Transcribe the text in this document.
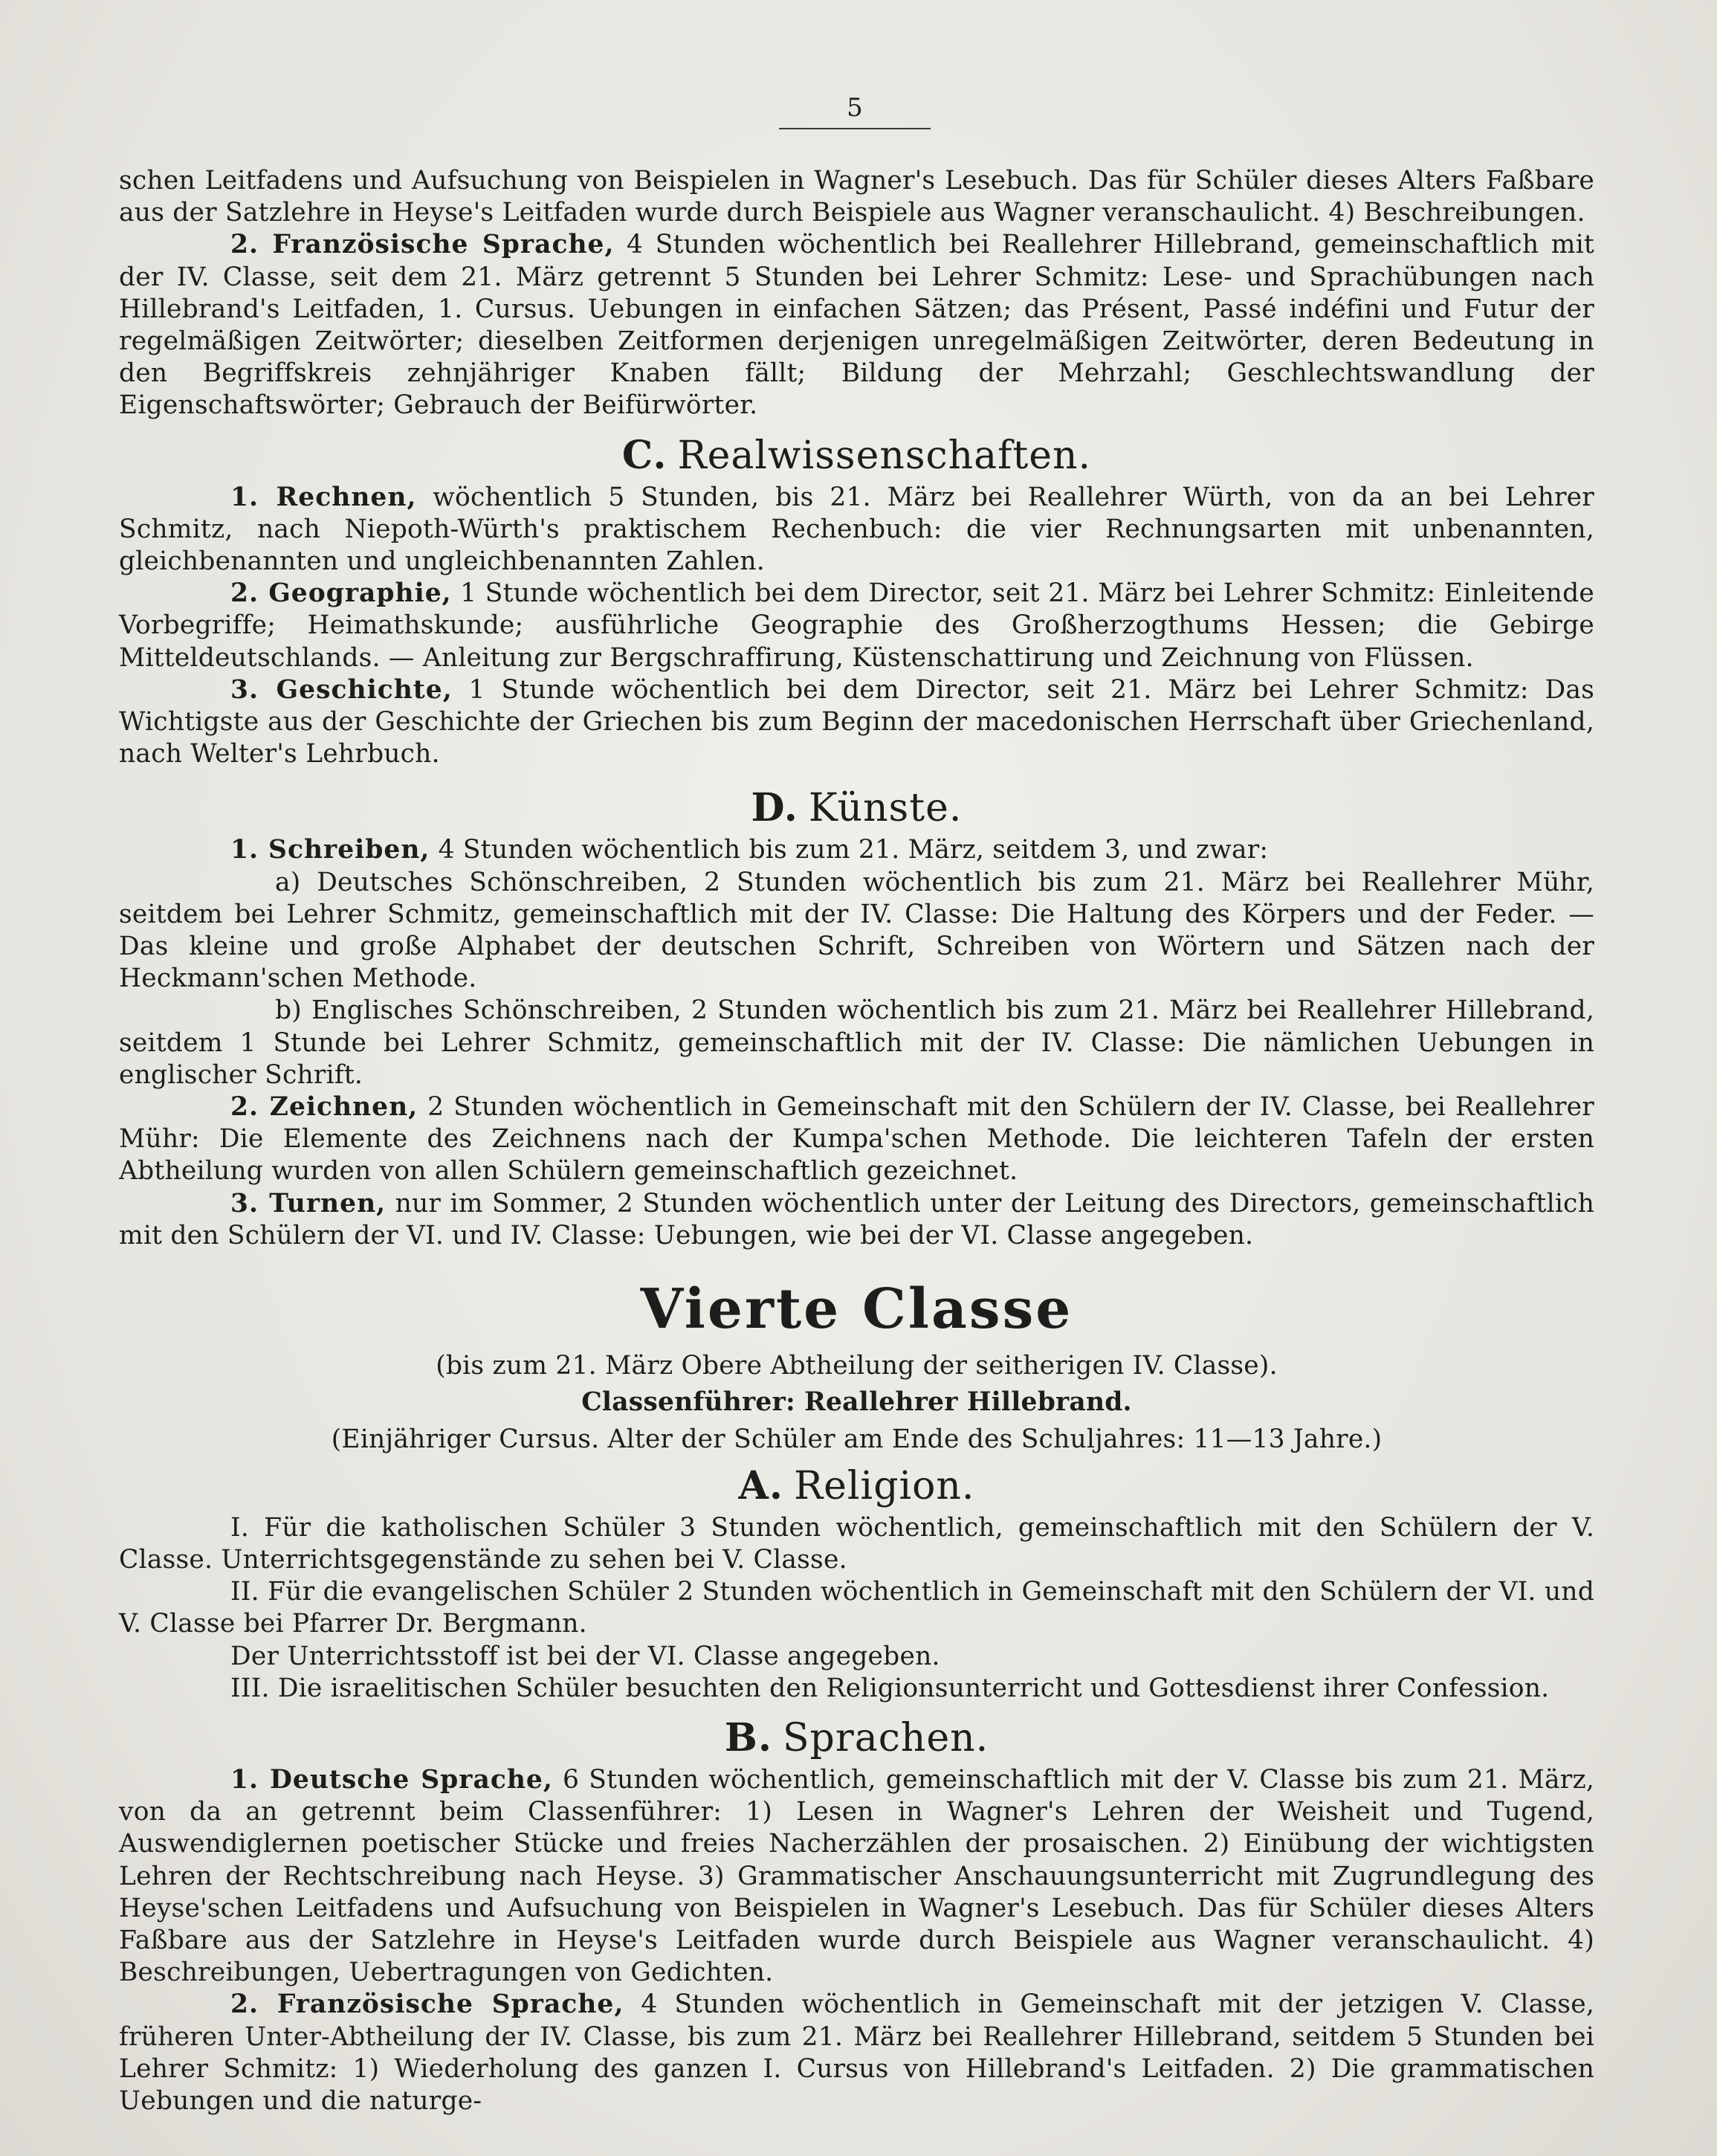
5

schen Leitfadens und Aufsuchung von Beispielen in Wagner's Lesebuch. Das für Schüler dieses Alters Faßbare aus der Satzlehre in Heyse's Leitfaden wurde durch Beispiele aus Wagner veranschaulicht. 4) Beschreibungen.

2. Französische Sprache, 4 Stunden wöchentlich bei Reallehrer Hillebrand, gemeinschaftlich mit der IV. Classe, seit dem 21. März getrennt 5 Stunden bei Lehrer Schmitz: Lese- und Sprachübungen nach Hillebrand's Leitfaden, 1. Cursus. Uebungen in einfachen Sätzen; das Présent, Passé indéfini und Futur der regelmäßigen Zeitwörter; dieselben Zeitformen derjenigen unregelmäßigen Zeitwörter, deren Bedeutung in den Begriffskreis zehnjähriger Knaben fällt; Bildung der Mehrzahl; Geschlechtswandlung der Eigenschaftswörter; Gebrauch der Beifürwörter.

C. Realwissenschaften.

1. Rechnen, wöchentlich 5 Stunden, bis 21. März bei Reallehrer Würth, von da an bei Lehrer Schmitz, nach Niepoth-Würth's praktischem Rechenbuch: die vier Rechnungsarten mit unbenannten, gleichbenannten und ungleichbenannten Zahlen.

2. Geographie, 1 Stunde wöchentlich bei dem Director, seit 21. März bei Lehrer Schmitz: Einleitende Vorbegriffe; Heimathskunde; ausführliche Geographie des Großherzogthums Hessen; die Gebirge Mitteldeutschlands. — Anleitung zur Bergschraffirung, Küstenschattirung und Zeichnung von Flüssen.

3. Geschichte, 1 Stunde wöchentlich bei dem Director, seit 21. März bei Lehrer Schmitz: Das Wichtigste aus der Geschichte der Griechen bis zum Beginn der macedonischen Herrschaft über Griechenland, nach Welter's Lehrbuch.

D. Künste.

1. Schreiben, 4 Stunden wöchentlich bis zum 21. März, seitdem 3, und zwar:

a) Deutsches Schönschreiben, 2 Stunden wöchentlich bis zum 21. März bei Reallehrer Mühr, seitdem bei Lehrer Schmitz, gemeinschaftlich mit der IV. Classe: Die Haltung des Körpers und der Feder. — Das kleine und große Alphabet der deutschen Schrift, Schreiben von Wörtern und Sätzen nach der Heckmann'schen Methode.

b) Englisches Schönschreiben, 2 Stunden wöchentlich bis zum 21. März bei Reallehrer Hillebrand, seitdem 1 Stunde bei Lehrer Schmitz, gemeinschaftlich mit der IV. Classe: Die nämlichen Uebungen in englischer Schrift.

2. Zeichnen, 2 Stunden wöchentlich in Gemeinschaft mit den Schülern der IV. Classe, bei Reallehrer Mühr: Die Elemente des Zeichnens nach der Kumpa'schen Methode. Die leichteren Tafeln der ersten Abtheilung wurden von allen Schülern gemeinschaftlich gezeichnet.

3. Turnen, nur im Sommer, 2 Stunden wöchentlich unter der Leitung des Directors, gemeinschaftlich mit den Schülern der VI. und IV. Classe: Uebungen, wie bei der VI. Classe angegeben.

Vierte Classe

(bis zum 21. März Obere Abtheilung der seitherigen IV. Classe).

Classenführer: Reallehrer Hillebrand.

(Einjähriger Cursus. Alter der Schüler am Ende des Schuljahres: 11—13 Jahre.)

A. Religion.

I. Für die katholischen Schüler 3 Stunden wöchentlich, gemeinschaftlich mit den Schülern der V. Classe. Unterrichtsgegenstände zu sehen bei V. Classe.

II. Für die evangelischen Schüler 2 Stunden wöchentlich in Gemeinschaft mit den Schülern der VI. und V. Classe bei Pfarrer Dr. Bergmann.

Der Unterrichtsstoff ist bei der VI. Classe angegeben.

III. Die israelitischen Schüler besuchten den Religionsunterricht und Gottesdienst ihrer Confession.

B. Sprachen.

1. Deutsche Sprache, 6 Stunden wöchentlich, gemeinschaftlich mit der V. Classe bis zum 21. März, von da an getrennt beim Classenführer: 1) Lesen in Wagner's Lehren der Weisheit und Tugend, Auswendiglernen poetischer Stücke und freies Nacherzählen der prosaischen. 2) Einübung der wichtigsten Lehren der Rechtschreibung nach Heyse. 3) Grammatischer Anschauungsunterricht mit Zugrundlegung des Heyse'schen Leitfadens und Aufsuchung von Beispielen in Wagner's Lesebuch. Das für Schüler dieses Alters Faßbare aus der Satzlehre in Heyse's Leitfaden wurde durch Beispiele aus Wagner veranschaulicht. 4) Beschreibungen, Uebertragungen von Gedichten.

2. Französische Sprache, 4 Stunden wöchentlich in Gemeinschaft mit der jetzigen V. Classe, früheren Unter-Abtheilung der IV. Classe, bis zum 21. März bei Reallehrer Hillebrand, seitdem 5 Stunden bei Lehrer Schmitz: 1) Wiederholung des ganzen I. Cursus von Hillebrand's Leitfaden. 2) Die grammatischen Uebungen und die naturge-
